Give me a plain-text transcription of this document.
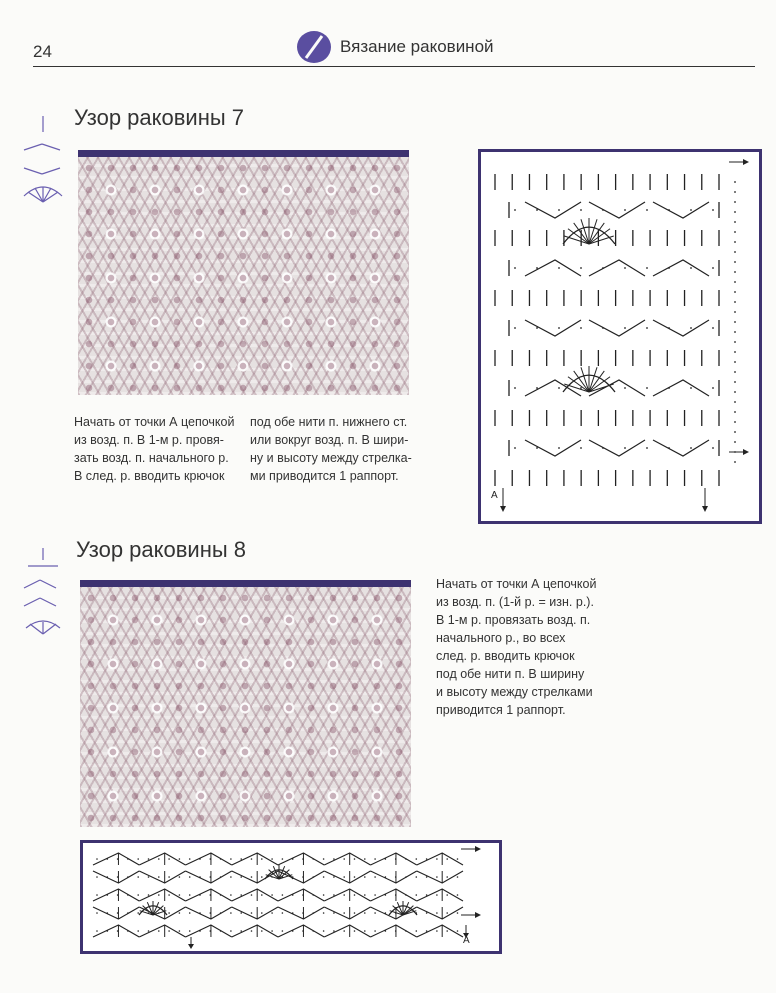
24	Вязание раковиной
Узор раковины 7
Начать от точки А цепочкой
из возд. п. В 1-м р. провя-
зать возд. п. начального р.
В след. р. вводить крючок
под обе нити п. нижнего ст.
или вокруг возд. п. В шири-
ну и высоту между стрелка-
ми приводится 1 раппорт.
A
Узор раковины 8
Начать от точки А цепочкой
из возд. п. (1-й р. = изн. р.).
В 1-м р. провязать возд. п.
начального р., во всех
след. р. вводить крючок
под обе нити п. В ширину
и высоту между стрелками
приводится 1 раппорт.
A
